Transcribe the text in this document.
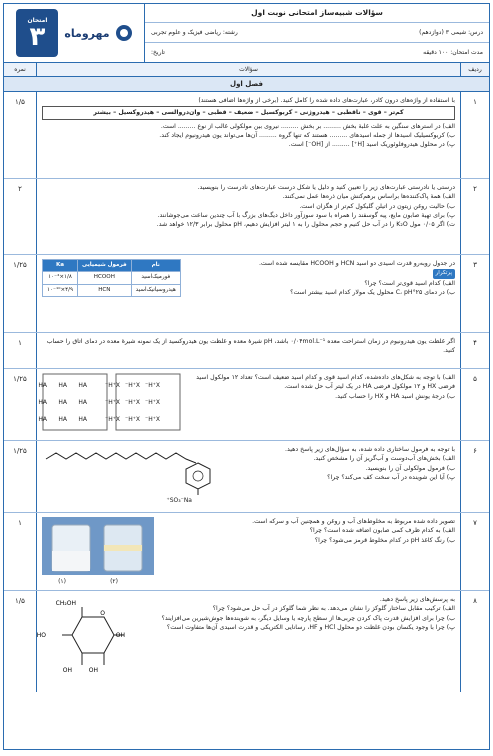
سؤالات شبیه‌ساز امتحانی نوبت اول
درس: شیمی ۳ (دوازدهم)
رشته: ریاضی فیزیک و علوم تجربی
مدت امتحان: ۱۰۰ دقیقه
تاریخ:
مهروماه
امتحان
۳
ردیف
سؤالات
نمره
فصل اول
۱

با استفاده از واژه‌های درون کادر، عبارت‌های داده شده را کامل کنید. (برخی از واژه‌ها اضافی هستند)

کم‌تر – قوی – ناقطبی – هیدروژنی – کربوکسیل – ضعیف – قطبی – وان‌دروالسی – هیدروکسیل – بیشتر

الف) در استرهای سنگین به علت غلبهٔ بخش ......... بر بخش ......... نیروی بین مولکولی غالب از نوع ......... است.

ب) کربوکسیلیک اسیدها از جمله اسیدهای ......... هستند که تنها گروه ......... آن‌ها می‌تواند یون هیدرونیوم ایجاد کند.

پ) در محلول هیدروفلوئوریک اسید [H⁺] ......... از [OH⁻] است.

۱/۵
۲

درستی یا نادرستی عبارت‌های زیر را تعیین کنید و دلیل یا شکل درست عبارت‌های نادرست را بنویسید.

الف) همهٔ پاک‌کننده‌ها براساس برهم‌کنش میان ذره‌ها عمل نمی‌کنند.

ب) حالیت روغن زیتون در اتیلن گلیکول کم‌تر از هگزان است.

پ) برای تهیهٔ صابون مایع، پیه گوسفند را همراه با سود سوزآور داخل دیگ‌های بزرگ با آب چندین ساعت می‌جوشانند.

ت) اگر ۰/۰۵ مول K₂O را در آب حل کنیم و حجم محلول را به ۱ لیتر افزایش دهیم، pH محلول برابر ۱۲/۳ خواهد شد.

۲
۳

در جدول روبه‌رو قدرت اسیدی دو اسید HCN و HCOOH مقایسه شده است.

پرتکرار

الف) کدام اسید قوی‌تر است؟ چرا؟

ب) در دمای ۲۵°C، pH محلول یک مولار کدام اسید بیشتر است؟

نام	فرمول شیمیایی	Ka
فورمیک‌اسید	HCOOH	۱/۸×۱۰⁻⁴
هیدروسیانیک‌اسید	HCN	۴/۹×۱۰⁻¹⁰
۱/۲۵
۴

اگر غلظت یون هیدرونیوم در زمان استراحت معده ۰/۰۴mol.L⁻¹ باشد، pH شیرهٔ معده و غلظت یون هیدروکسید از یک نمونه شیرهٔ معده در دمای اتاق را حساب کنید.

۱
۵

الف) با توجه به شکل‌های داده‌شده، کدام اسید قوی و کدام اسید ضعیف است؟ تعداد ۱۲ مولکول اسید فرضی HX و ۱۲ مولکول فرضی HA در یک لیتر آب حل شده است.

ب) درجهٔ یونش اسید HA و HX را حساب کنید.

HA HA HA
HA HA HA
HA HA HA
H⁺X⁻ H⁺X⁻ H⁺X⁻
H⁺X⁻ H⁺X⁻ H⁺X⁻
H⁺X⁻ H⁺X⁻ H⁺X⁻
۱/۲۵
۶

با توجه به فرمول ساختاری داده شده، به سؤال‌های زیر پاسخ دهید.

الف) بخش‌های آب‌دوست و آب‌گریز آن را مشخص کنید.

ب) فرمول مولکولی آن را بنویسید.

پ) آیا این شوینده در آب سخت کف می‌کند؟ چرا؟

SO₃⁻Na⁺
۱/۲۵
۷

تصویر داده شده مربوط به مخلوط‌های آب و روغن و همچنین آب و سرکه است.

الف) به کدام ظرف کمی صابون اضافه شده است؟ چرا؟

ب) رنگ کاغذ pH در کدام مخلوط قرمز می‌شود؟ چرا؟

(۱)	(۲)
۱
۸

به پرسش‌های زیر پاسخ دهید.

الف) ترکیب مقابل ساختار گلوکز را نشان می‌دهد. به نظر شما گلوکز در آب حل می‌شود؟ چرا؟

ب) چرا برای افزایش قدرت پاک کردن چربی‌ها از سطح پارچه یا وسایل دیگر، به شوینده‌ها جوش‌شیرین می‌افزایند؟

پ) چرا با وجود یکسان بودن غلظت دو محلول HCl و HF، رسانایی الکتریکی و قدرت اسیدی آن‌ها متفاوت است؟

CH₂OH
O
OH
HO
OH	OH
۱/۵
